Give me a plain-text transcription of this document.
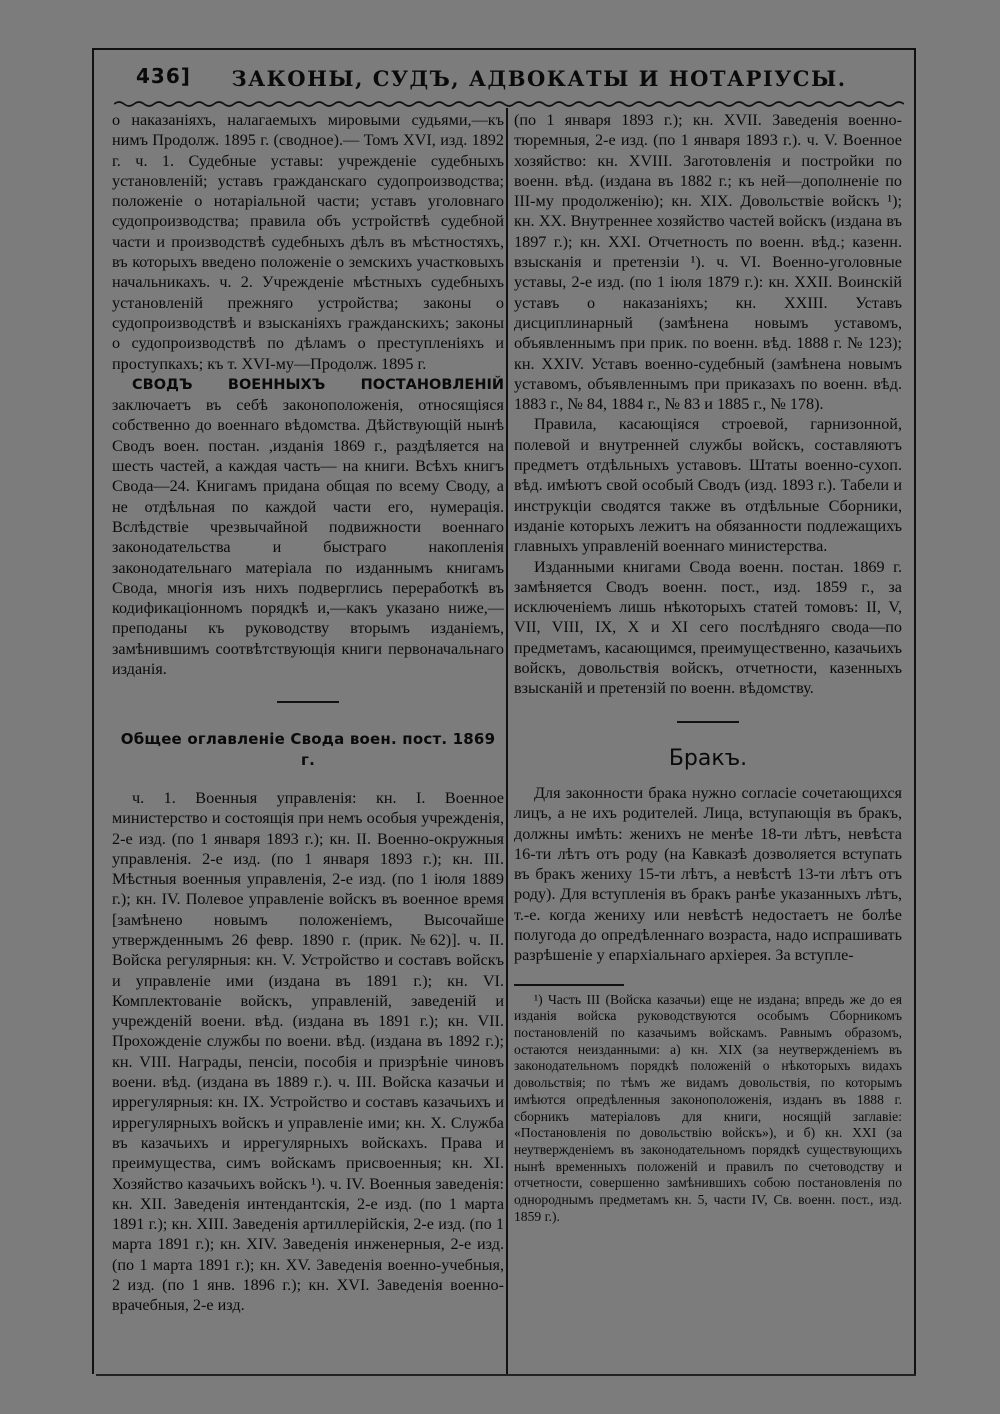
436]	ЗАКОНЫ, СУДЪ, АДВОКАТЫ И НОТАРІУСЫ.

о наказаніяхъ, налагаемыхъ мировыми судьями,—къ нимъ Продолж. 1895 г. (сводное).— Томъ XVI, изд. 1892 г. ч. 1. Судебные уставы: учрежденіе судебныхъ установленій; уставъ гражданскаго судопроизводства; положеніе о нотаріальной части; уставъ уголовнаго судопроизводства; правила объ устройствѣ судебной части и производствѣ судебныхъ дѣлъ въ мѣстностяхъ, въ которыхъ введено положеніе о земскихъ участковыхъ начальникахъ. ч. 2. Учрежденіе мѣстныхъ судебныхъ установленій прежняго устройства; законы о судопроизводствѣ и взысканіяхъ гражданскихъ; законы о судопроизводствѣ по дѣламъ о преступленіяхъ и проступкахъ; къ т. XVI-му—Продолж. 1895 г.

СВОДЪ ВОЕННЫХЪ ПОСТАНОВЛЕНІЙ заключаетъ въ себѣ законоположенія, относящіяся собственно до военнаго вѣдомства. Дѣйствующій нынѣ Сводъ воен. постан. ,изданія 1869 г., раздѣляется на шесть частей, а каждая часть— на книги. Всѣхъ книгъ Свода—24. Книгамъ придана общая по всему Своду, а не отдѣльная по каждой части его, нумерація. Вслѣдствіе чрезвычайной подвижности военнаго законодательства и быстраго накопленія законодательнаго матеріала по изданнымъ книгамъ Свода, многія изъ нихъ подверглись переработкѣ въ кодификаціонномъ порядкѣ и,—какъ указано ниже,—преподаны къ руководству вторымъ изданіемъ, замѣнившимъ соотвѣтствующія книги первоначальнаго изданія.

Общее оглавленіе Свода воен. пост. 1869 г.

ч. 1. Военныя управленія: кн. I. Военное министерство и состоящія при немъ особыя учрежденія, 2-е изд. (по 1 января 1893 г.); кн. II. Военно-окружныя управленія. 2-е изд. (по 1 января 1893 г.); кн. III. Мѣстныя военныя управленія, 2-е изд. (по 1 іюля 1889 г.); кн. IV. Полевое управленіе войскъ въ военное время [замѣнено новымъ положеніемъ, Высочайше утвержденнымъ 26 февр. 1890 г. (прик. №62)]. ч. II. Войска регулярныя: кн. V. Устройство и составъ войскъ и управленіе ими (издана въ 1891 г.); кн. VI. Комплектованіе войскъ, управленій, заведеній и учрежденій воени. вѣд. (издана въ 1891 г.); кн. VII. Прохожденіе службы по воени. вѣд. (издана въ 1892 г.); кн. VIII. Награды, пенсіи, пособія и призрѣніе чиновъ воени. вѣд. (издана въ 1889 г.). ч. III. Войска казачьи и иррегулярныя: кн. IX. Устройство и составъ казачьихъ и иррегулярныхъ войскъ и управленіе ими; кн. X. Служба въ казачьихъ и иррегулярныхъ войскахъ. Права и преимущества, симъ войскамъ присвоенныя; кн. XI. Хозяйство казачьихъ войскъ ¹). ч. IV. Военныя заведенія: кн. XII. Заведенія интендантскія, 2-е изд. (по 1 марта 1891 г.); кн. XIII. Заведенія артиллерійскія, 2-е изд. (по 1 марта 1891 г.); кн. XIV. Заведенія инженерныя, 2-е изд. (по 1 марта 1891 г.); кн. XV. Заведенія военно-учебныя, 2 изд. (по 1 янв. 1896 г.); кн. XVI. Заведенія военно-врачебныя, 2-е изд.

(по 1 января 1893 г.); кн. XVII. Заведенія военно-тюремныя, 2-е изд. (по 1 января 1893 г.). ч. V. Военное хозяйство: кн. XVIII. Заготовленія и постройки по военн. вѣд. (издана въ 1882 г.; къ ней—дополненіе по III-му продолженію); кн. XIX. Довольствіе войскъ ¹); кн. XX. Внутреннее хозяйство частей войскъ (издана въ 1897 г.); кн. XXI. Отчетность по военн. вѣд.; казенн. взысканія и претензіи ¹). ч. VI. Военно-уголовные уставы, 2-е изд. (по 1 іюля 1879 г.): кн. XXII. Воинскій уставъ о наказаніяхъ; кн. XXIII. Уставъ дисциплинарный (замѣнена новымъ уставомъ, объявленнымъ при прик. по военн. вѣд. 1888 г. № 123); кн. XXIV. Уставъ военно-судебный (замѣнена новымъ уставомъ, объявленнымъ при приказахъ по военн. вѣд. 1883 г., № 84, 1884 г., № 83 и 1885 г., № 178).

Правила, касающіяся строевой, гарнизонной, полевой и внутренней службы войскъ, составляютъ предметъ отдѣльныхъ уставовъ. Штаты военно-сухоп. вѣд. имѣютъ свой особый Сводъ (изд. 1893 г.). Табели и инструкціи сводятся также въ отдѣльные Сборники, изданіе которыхъ лежитъ на обязанности подлежащихъ главныхъ управленій военнаго министерства.

Изданными книгами Свода военн. постан. 1869 г. замѣняется Сводъ военн. пост., изд. 1859 г., за исключеніемъ лишь нѣкоторыхъ статей томовъ: II, V, VII, VIII, IX, X и XI сего послѣдняго свода—по предметамъ, касающимся, преимущественно, казачьихъ войскъ, довольствія войскъ, отчетности, казенныхъ взысканій и претензій по военн. вѣдомству.

Бракъ.

Для законности брака нужно согласіе сочетающихся лицъ, а не ихъ родителей. Лица, вступающія въ бракъ, должны имѣть: женихъ не менѣе 18-ти лѣтъ, невѣста 16-ти лѣтъ отъ роду (на Кавказѣ дозволяется вступать въ бракъ жениху 15-ти лѣтъ, а невѣстѣ 13-ти лѣтъ отъ роду). Для вступленія въ бракъ ранѣе указанныхъ лѣтъ, т.-е. когда жениху или невѣстѣ недостаетъ не болѣе полугода до опредѣленнаго возраста, надо испрашивать разрѣшеніе у епархіальнаго архіерея. За вступле-

¹) Часть III (Войска казачьи) еще не издана; впредь же до ея изданія войска руководствуются особымъ Сборникомъ постановленій по казачьимъ войскамъ. Равнымъ образомъ, остаются неизданными: а) кн. XIX (за неутвержденіемъ въ законодательномъ порядкѣ положеній о нѣкоторыхъ видахъ довольствія; по тѣмъ же видамъ довольствія, по которымъ имѣются опредѣленныя законоположенія, изданъ въ 1888 г. сборникъ матеріаловъ для книги, носящій заглавіе: «Постановленія по довольствію войскъ»), и б) кн. XXI (за неутвержденіемъ въ законодательномъ порядкѣ существующихъ нынѣ временныхъ положеній и правилъ по счетоводству и отчетности, совершенно замѣнившихъ собою постановленія по однороднымъ предметамъ кн. 5, части IV, Св. военн. пост., изд. 1859 г.).
